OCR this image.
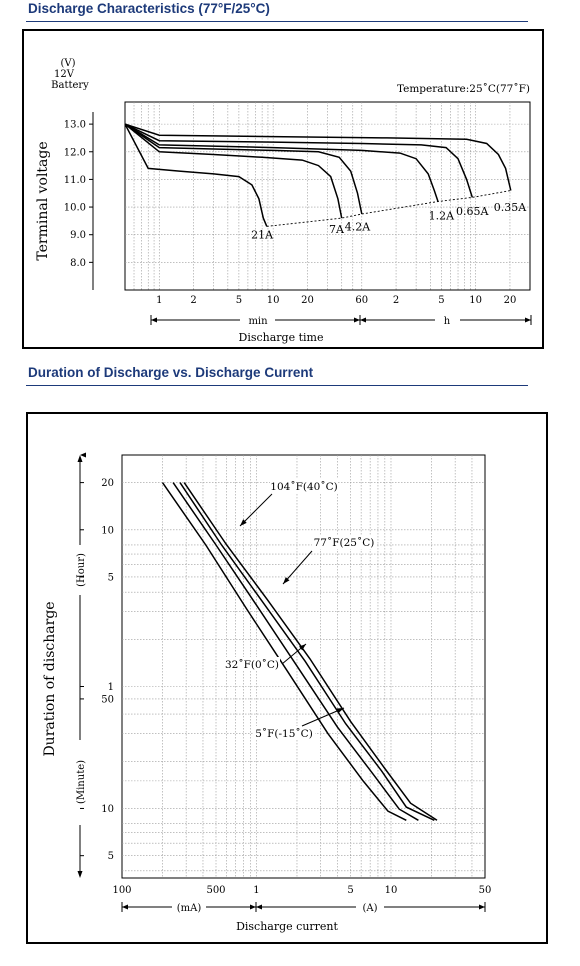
Discharge Characteristics (77°F/25°C)
Duration of Discharge vs. Discharge Current
13.0
12.0
11.0
10.0
9.0
8.0
1	2	5 10 20	60 2	5 10 20
21A	7A 4.2A
1.2A 0.65A 0.35A
(V)
12V
Battery	Temperature:25˚C(77˚F)
Terminal voltage
min	h
Discharge time
100	500	1	5	10	50
20
10
5
1
50
10
5
(Hour)
(Minute)
Duration of discharge
104˚F(40˚C)
77˚F(25˚C)
32˚F(0˚C)
5˚F(-15˚C)
(mA)	(A)
Discharge current
